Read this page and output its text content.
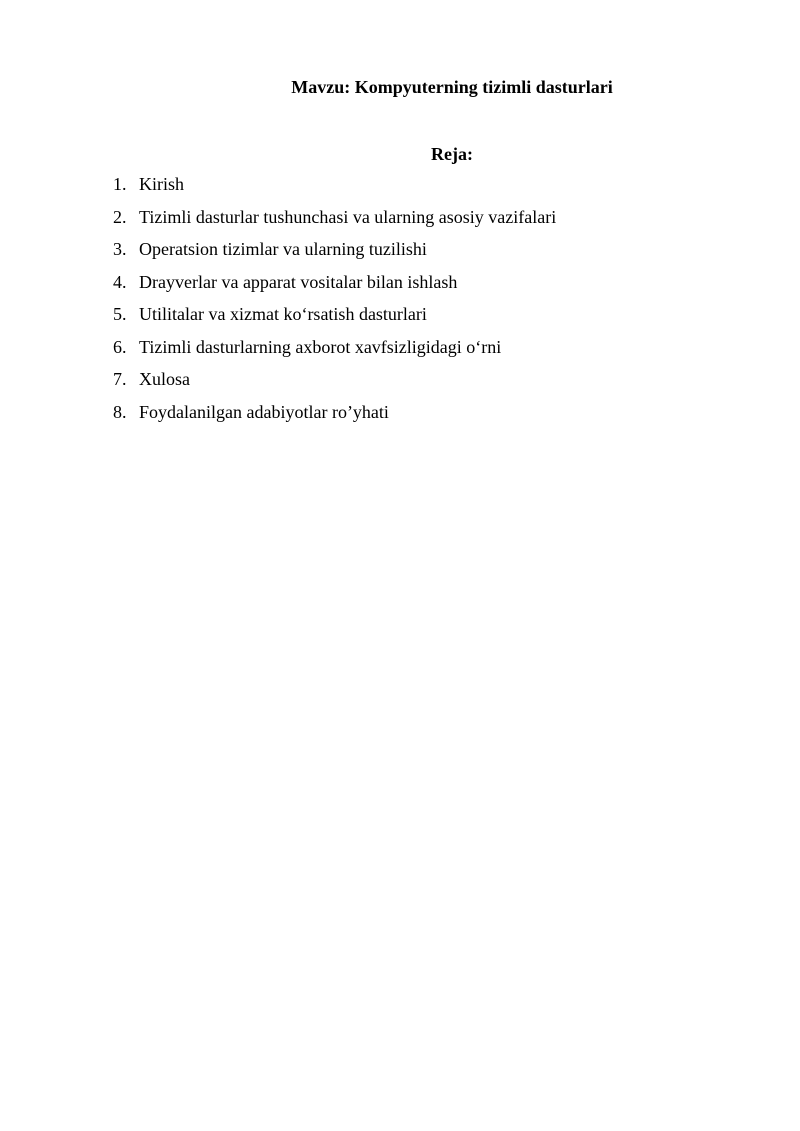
Mavzu: Kompyuterning tizimli dasturlari
Reja:
1. Kirish
2. Tizimli dasturlar tushunchasi va ularning asosiy vazifalari
3. Operatsion tizimlar va ularning tuzilishi
4. Drayverlar va apparat vositalar bilan ishlash
5. Utilitalar va xizmat koʻrsatish dasturlari
6. Tizimli dasturlarning axborot xavfsizligidagi oʻrni
7. Xulosa
8. Foydalanilgan adabiyotlar ro’yhati
